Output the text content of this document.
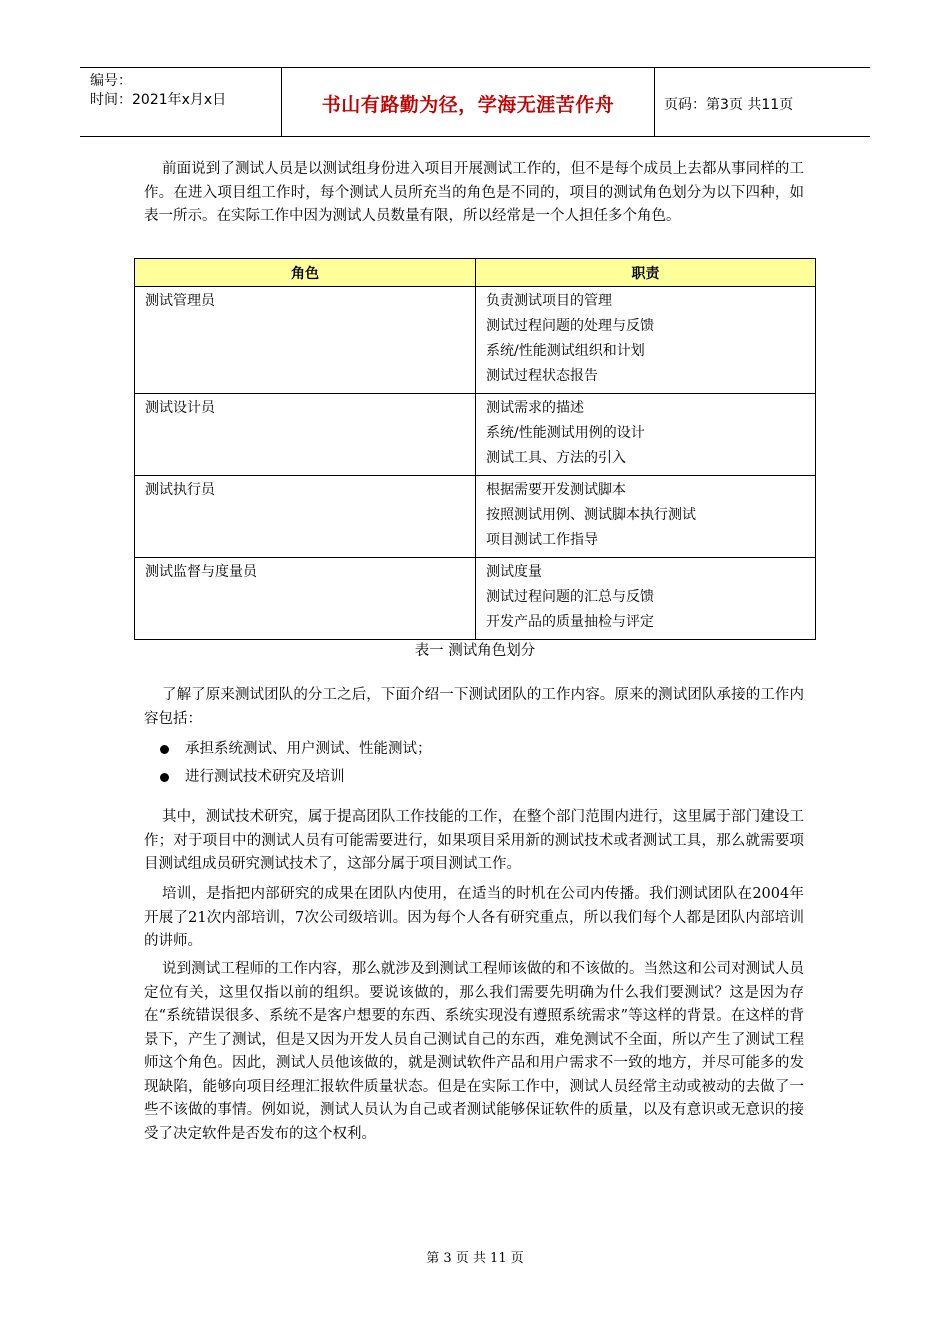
编号：
时间：2021年x月x日	书山有路勤为径，学海无涯苦作舟	页码：第3页 共11页
前面说到了测试人员是以测试组身份进入项目开展测试工作的，但不是每个成员上去都从事同样的工作。在进入项目组工作时，每个测试人员所充当的角色是不同的，项目的测试角色划分为以下四种，如表一所示。在实际工作中因为测试人员数量有限，所以经常是一个人担任多个角色。
角色	职责
测试管理员	负责测试项目的管理
测试过程问题的处理与反馈
系统/性能测试组织和计划
测试过程状态报告

测试设计员	测试需求的描述
系统/性能测试用例的设计
测试工具、方法的引入

测试执行员	根据需要开发测试脚本
按照测试用例、测试脚本执行测试
项目测试工作指导

测试监督与度量员	测试度量
测试过程问题的汇总与反馈
开发产品的质量抽检与评定
表一 测试角色划分
了解了原来测试团队的分工之后，下面介绍一下测试团队的工作内容。原来的测试团队承接的工作内容包括：
承担系统测试、用户测试、性能测试；
进行测试技术研究及培训
其中，测试技术研究，属于提高团队工作技能的工作，在整个部门范围内进行，这里属于部门建设工作；对于项目中的测试人员有可能需要进行，如果项目采用新的测试技术或者测试工具，那么就需要项目测试组成员研究测试技术了，这部分属于项目测试工作。
培训，是指把内部研究的成果在团队内使用，在适当的时机在公司内传播。我们测试团队在2004年开展了21次内部培训，7次公司级培训。因为每个人各有研究重点，所以我们每个人都是团队内部培训的讲师。
说到测试工程师的工作内容，那么就涉及到测试工程师该做的和不该做的。当然这和公司对测试人员定位有关，这里仅指以前的组织。要说该做的，那么我们需要先明确为什么我们要测试？这是因为存在“系统错误很多、系统不是客户想要的东西、系统实现没有遵照系统需求”等这样的背景。在这样的背景下，产生了测试，但是又因为开发人员自己测试自己的东西，难免测试不全面，所以产生了测试工程师这个角色。因此，测试人员他该做的，就是测试软件产品和用户需求不一致的地方，并尽可能多的发现缺陷，能够向项目经理汇报软件质量状态。但是在实际工作中，测试人员经常主动或被动的去做了一些不该做的事情。例如说，测试人员认为自己或者测试能够保证软件的质量，以及有意识或无意识的接受了决定软件是否发布的这个权利。
第 3 页 共 11 页
